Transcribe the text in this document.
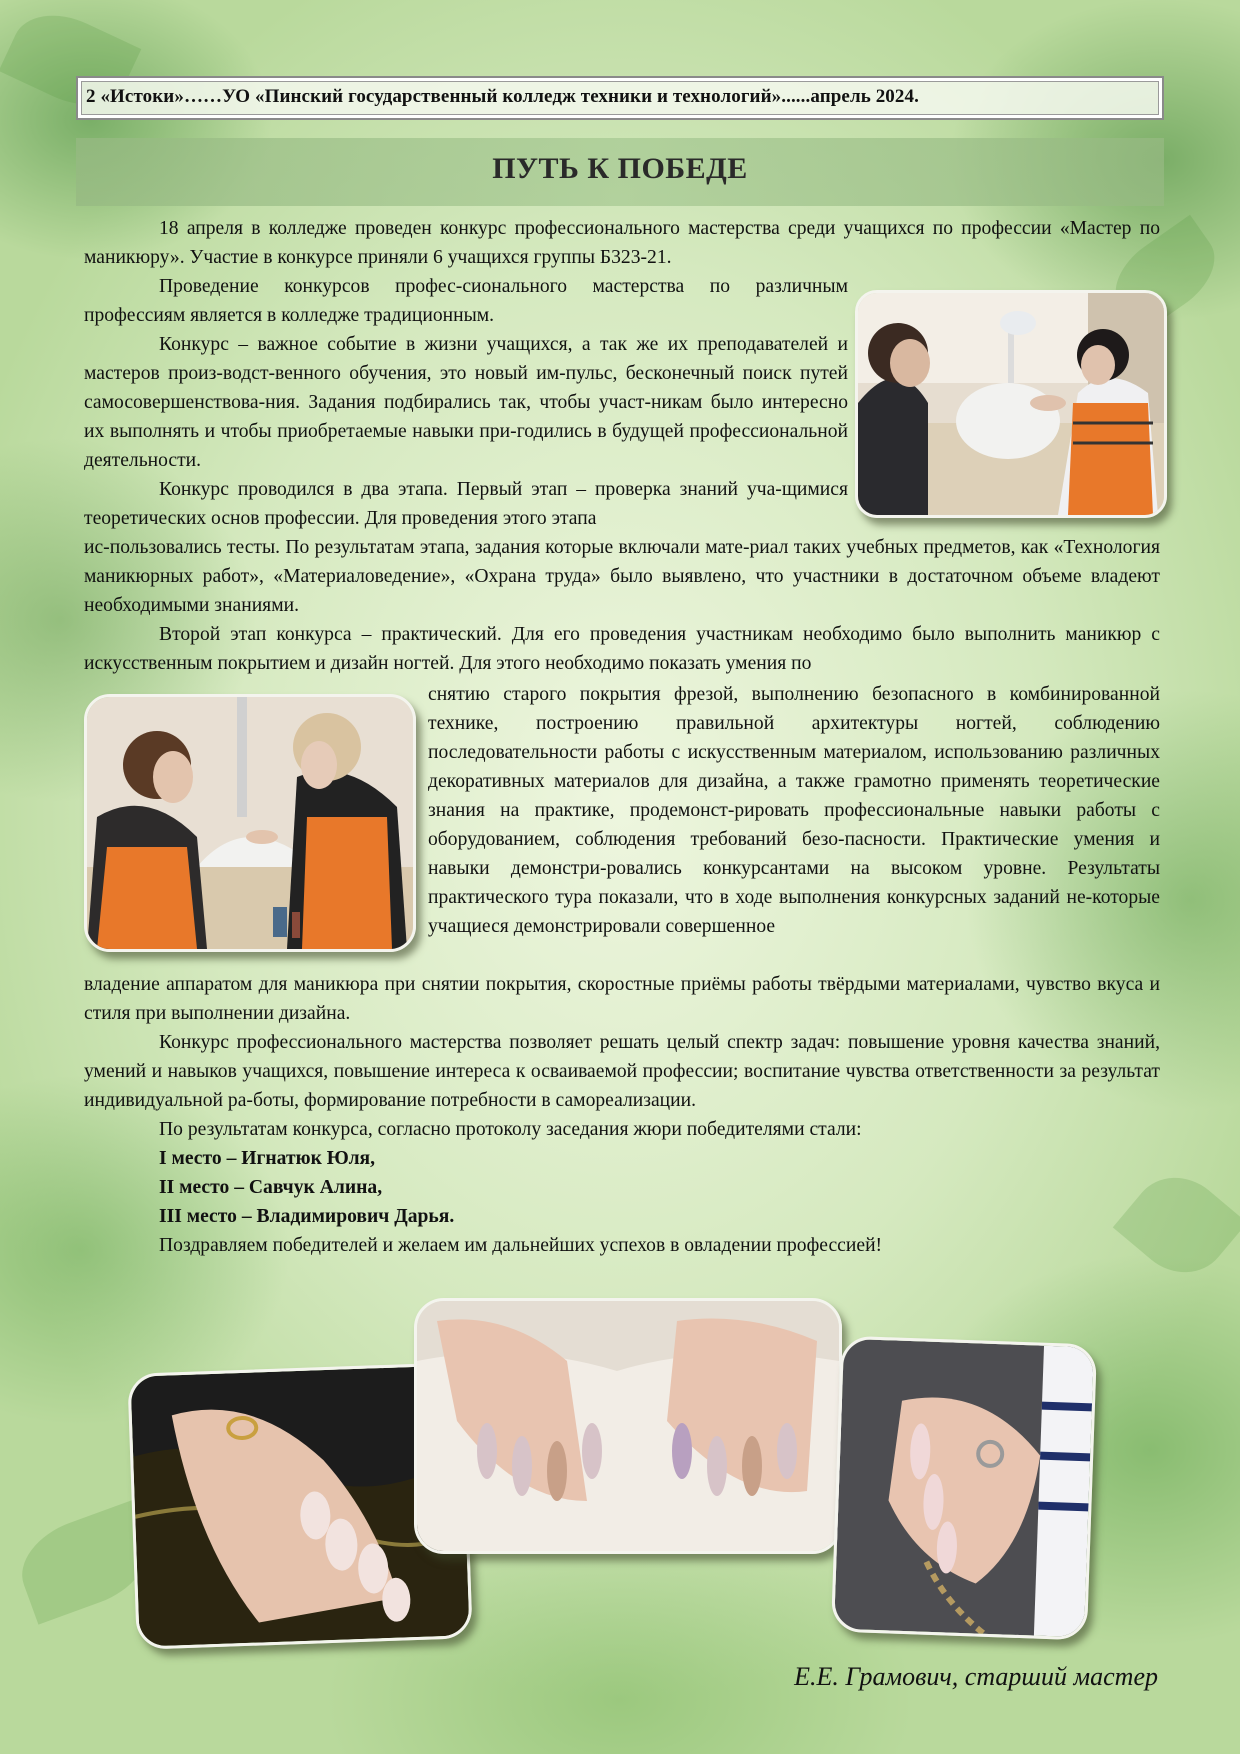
2 «Истоки»……УО «Пинский государственный колледж техники и технологий»......апрель 2024.
ПУТЬ К ПОБЕДЕ

18 апреля в колледже проведен конкурс профессионального мастерства среди учащихся по профессии «Мастер по маникюру». Участие в конкурсе приняли 6 учащихся группы Б323-21.

Проведение конкурсов профес-сионального мастерства по различным профессиям является в колледже традиционным.

Конкурс – важное событие в жизни учащихся, а так же их преподавателей и мастеров произ-водст-венного обучения, это новый им-пульс, бесконечный поиск путей самосовершенствова-ния. Задания подбирались так, чтобы участ-никам было интересно их выполнять и чтобы приобретаемые навыки при-годились в будущей профессиональной деятельности.

Конкурс проводился в два этапа. Первый этап – проверка знаний уча-щимися теоретических основ профессии. Для проведения этого этапа

ис-пользовались тесты. По результатам этапа, задания которые включали мате-риал таких учебных предметов, как «Технология маникюрных работ», «Материаловедение», «Охрана труда» было выявлено, что участники в достаточном объеме владеют необходимыми знаниями.

Второй этап конкурса – практический. Для его проведения участникам необходимо было выполнить маникюр с искусственным покрытием и дизайн ногтей. Для этого необходимо показать умения по

снятию старого покрытия фрезой, выполнению безопасного в комбинированной технике, построению правильной архитектуры ногтей, соблюдению последовательности работы с искусственным материалом, использованию различных декоративных материалов для дизайна, а также грамотно применять теоретические знания на практике, продемонст-рировать профессиональные навыки работы с оборудованием, соблюдения требований безо-пасности. Практические умения и навыки демонстри-ровались конкурсантами на высоком уровне. Результаты практического тура показали, что в ходе выполнения конкурсных заданий не-которые учащиеся демонстрировали совершенное

владение аппаратом для маникюра при снятии покрытия, скоростные приёмы работы твёрдыми материалами, чувство вкуса и стиля при выполнении дизайна.

Конкурс профессионального мастерства позволяет решать целый спектр задач: повышение уровня качества знаний, умений и навыков учащихся, повышение интереса к осваиваемой профессии; воспитание чувства ответственности за результат индивидуальной ра-боты, формирование потребности в самореализации.

По результатам конкурса, согласно протоколу заседания жюри победителями стали:

I место – Игнатюк Юля,

II место – Савчук Алина,

III место – Владимирович Дарья.

Поздравляем победителей и желаем им дальнейших успехов в овладении профессией!

Е.Е. Грамович, старший мастер
